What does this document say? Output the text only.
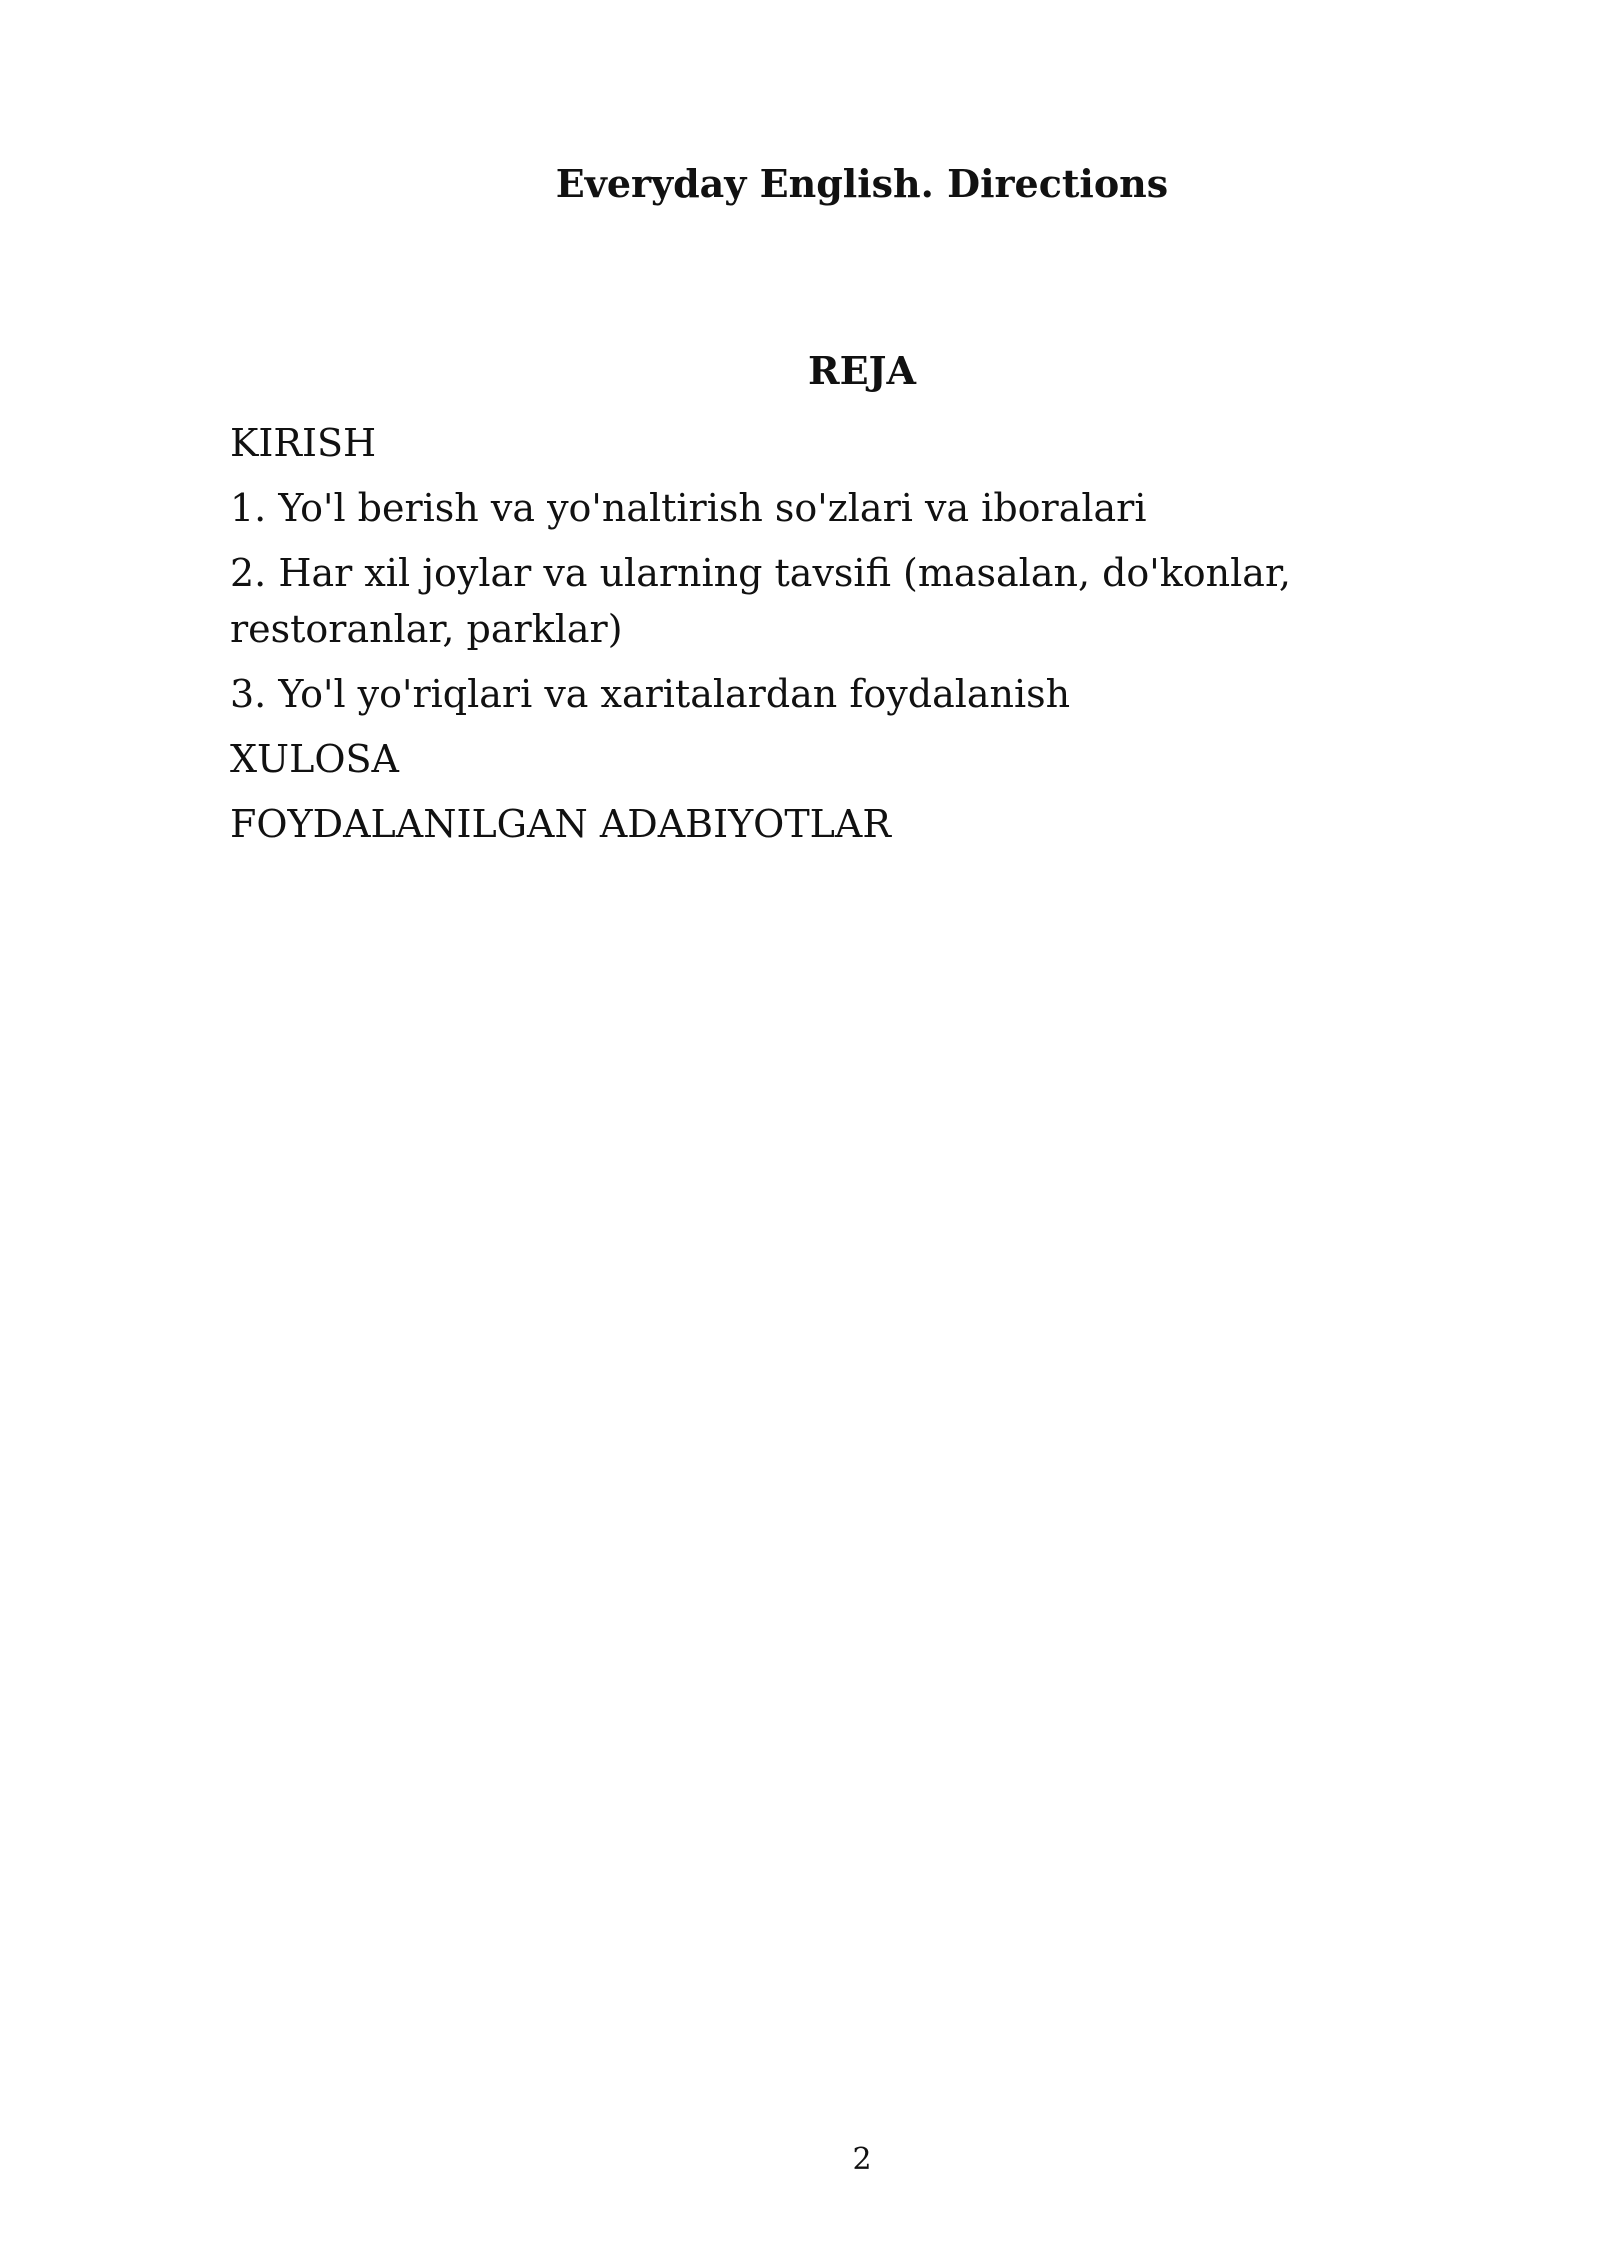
Everyday English. Directions
REJA
KIRISH
1. Yo'l berish va yo'naltirish so'zlari va iboralari
2. Har xil joylar va ularning tavsifi (masalan, do'konlar, restoranlar, parklar)
3. Yo'l yo'riqlari va xaritalardan foydalanish
XULOSA
FOYDALANILGAN ADABIYOTLAR
2
